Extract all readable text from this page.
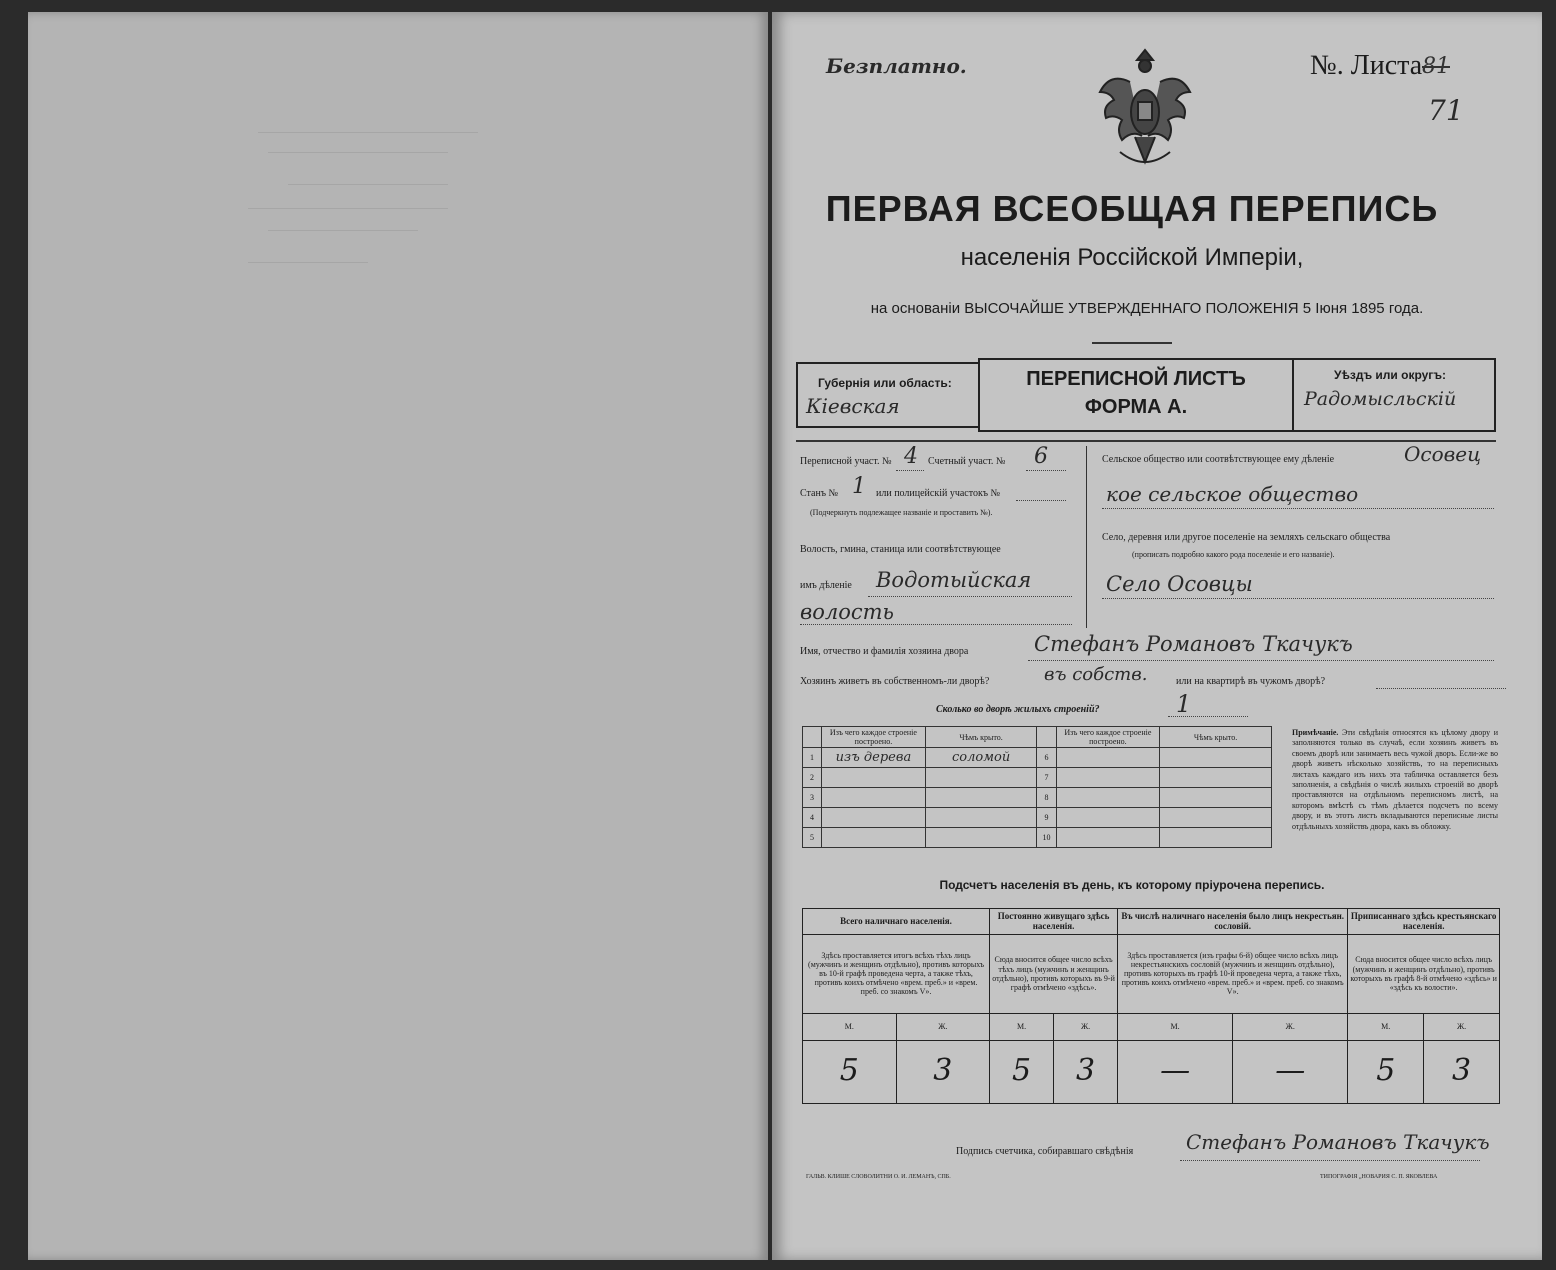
Безплатно.	№. Листа 81
71
ПЕРВАЯ ВСЕОБЩАЯ ПЕРЕПИСЬ
населенія Россійской Имперіи,
на основаніи ВЫСОЧАЙШЕ УТВЕРЖДЕННАГО ПОЛОЖЕНІЯ 5 Іюня 1895 года.
Губернія или область:
Кіевская
ПЕРЕПИСНОЙ ЛИСТЪ
ФОРМА А.
Уѣздъ или округъ:
Радомысльскій
Переписной участ. № 4 Счетный участ. № 6
Станъ № 1 или полицейскій участокъ №
(Подчеркнуть подлежащее названіе и проставить №).
Волость, гмина, станица или соотвѣтствующее
имъ дѣленіе Водотыйская
волость
Сельское общество или соотвѣтствующее ему дѣленіе	Осовец
кое сельское общество
Село, деревня или другое поселеніе на земляхъ сельскаго общества
(прописать подробно какого рода поселеніе и его названіе).
Село Осовцы
Имя, отчество и фамилія хозяина двора	Стефанъ Романовъ Ткачукъ
Хозяинъ живетъ въ собственномъ-ли дворѣ?	въ собств.	или на квартирѣ въ чужомъ дворѣ?
Сколько во дворѣ жилыхъ строеній?	1
	Изъ чего каждое строеніе построено.	Чѣмъ крыто.		Изъ чего каждое строеніе построено.	Чѣмъ крыто.
1	изъ дерева	соломой	6		
2			7		
3			8		
4			9		
5			10		
Примѣчаніе. Эти свѣдѣнія относятся къ цѣлому двору и заполняются только въ случаѣ, если хозяинъ живетъ въ своемъ дворѣ или занимаетъ весь чужой дворъ. Если-же во дворѣ живетъ нѣсколько хозяйствъ, то на переписныхъ листахъ каждаго изъ нихъ эта табличка оставляется безъ заполненія, а свѣдѣнія о числѣ жилыхъ строеній во дворѣ проставляются на отдѣльномъ переписномъ листѣ, на которомъ вмѣстѣ съ тѣмъ дѣлается подсчетъ по всему двору, и въ этотъ листъ вкладываются переписные листы отдѣльныхъ хозяйствъ двора, какъ въ обложку.
Подсчетъ населенія въ день, къ которому пріурочена перепись.
Всего наличнаго населенія.		Постоянно живущаго здѣсь населенія.		Въ числѣ наличнаго населенія было лицъ некрестьян. сословій.		Приписаннаго здѣсь крестьянскаго населенія.	
Здѣсь проставляется итогъ всѣхъ тѣхъ лицъ (мужчинъ и женщинъ отдѣльно), противъ которыхъ въ 10-й графѣ проведена черта, а также тѣхъ, противъ коихъ отмѣчено «врем. преб.» и «врем. преб. со знакомъ V».		Сюда вносится общее число всѣхъ тѣхъ лицъ (мужчинъ и женщинъ отдѣльно), противъ которыхъ въ 9-й графѣ отмѣчено «здѣсь».		Здѣсь проставляется (изъ графы 6-й) общее число всѣхъ лицъ некрестьянскихъ сословій (мужчинъ и женщинъ отдѣльно), противъ которыхъ въ графѣ 10-й проведена черта, а также тѣхъ, противъ коихъ отмѣчено «врем. преб.» и «врем. преб. со знакомъ V».		Сюда вносится общее число всѣхъ лицъ (мужчинъ и женщинъ отдѣльно), противъ которыхъ въ графѣ 8-й отмѣчено «здѣсь» и «здѣсь къ волости».	
М.	Ж.	М.	Ж.	М.	Ж.	М.	Ж.
5	3	5	3	—	—	5	3
Подпись счетчика, собиравшаго свѣдѣнія	Стефанъ Романовъ Ткачукъ
ГАЛЬВ. КЛИШЕ СЛОВОЛИТНИ О. И. ЛЕМАНЪ, СПБ.	ТИПОГРАФІЯ „НОВАРИЯ С. П. ЯКОВЛЕВА
